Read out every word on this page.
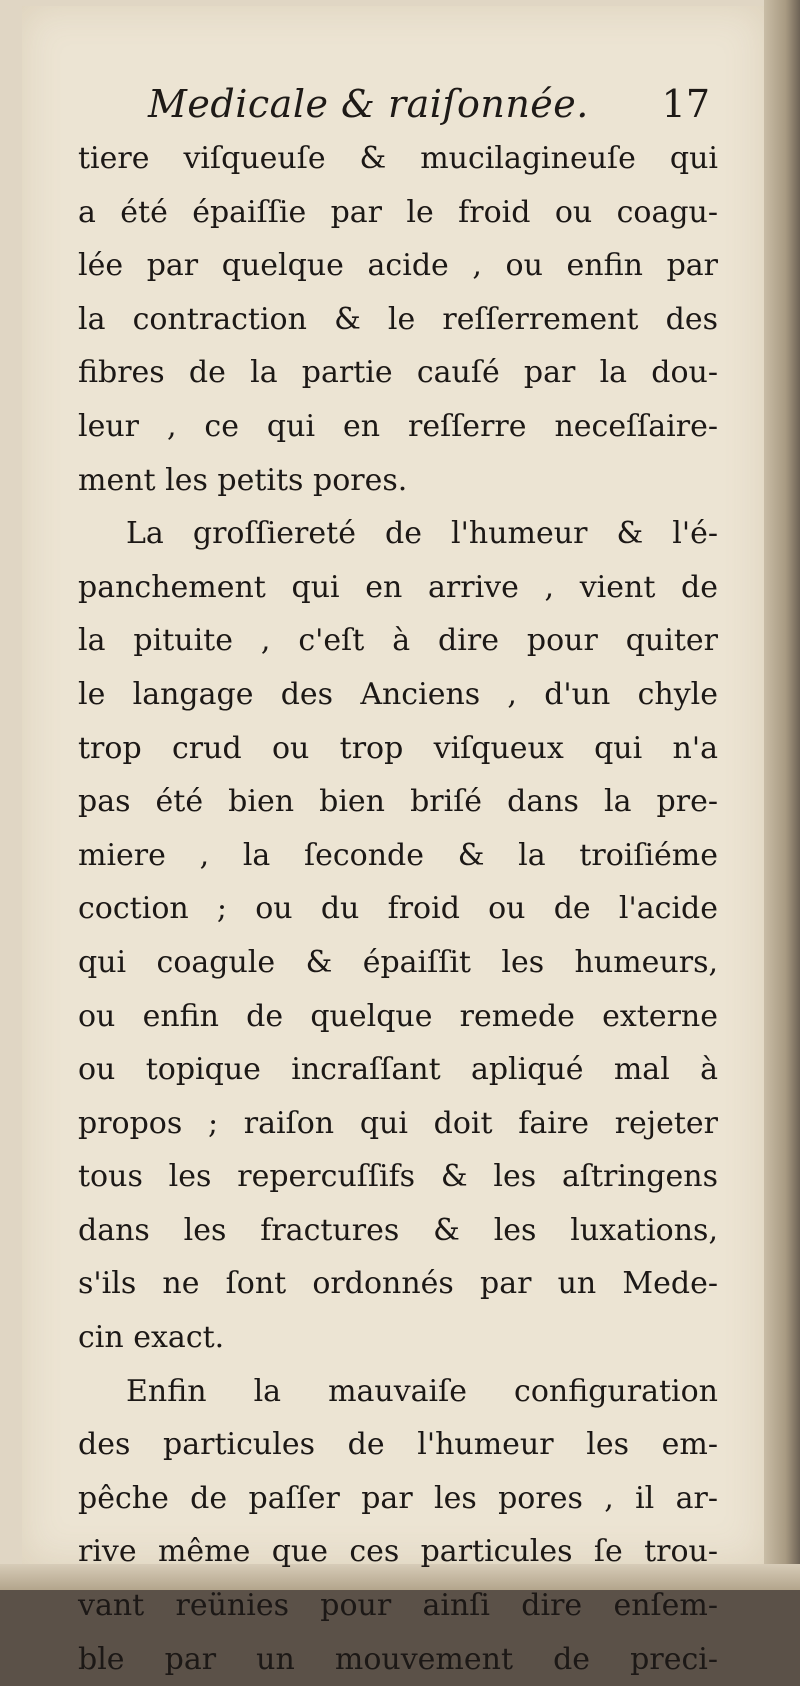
Medicale & raiſonnée. 17
tiere viſqueuſe & mucilagineuſe qui
a été épaiſſie par le froid ou coagu-
lée par quelque acide , ou enfin par
la contraction & le reſſerrement des
fibres de la partie cauſé par la dou-
leur , ce qui en reſſerre neceſſaire-
ment les petits pores.
La groſſiereté de l'humeur & l'é-
panchement qui en arrive , vient de
la pituite , c'eſt à dire pour quiter
le langage des Anciens , d'un chyle
trop crud ou trop viſqueux qui n'a
pas été bien bien briſé dans la pre-
miere , la ſeconde & la troiſiéme
coction ; ou du froid ou de l'acide
qui coagule & épaiſſit les humeurs,
ou enfin de quelque remede externe
ou topique incraſſant apliqué mal à
propos ; raiſon qui doit faire rejeter
tous les repercuſſifs & les aſtringens
dans les fractures & les luxations,
s'ils ne ſont ordonnés par un Mede-
cin exact.
Enfin la mauvaiſe configuration
des particules de l'humeur les em-
pêche de paſſer par les pores , il ar-
rive même que ces particules ſe trou-
vant reünies pour ainſi dire enſem-
ble par un mouvement de preci-
